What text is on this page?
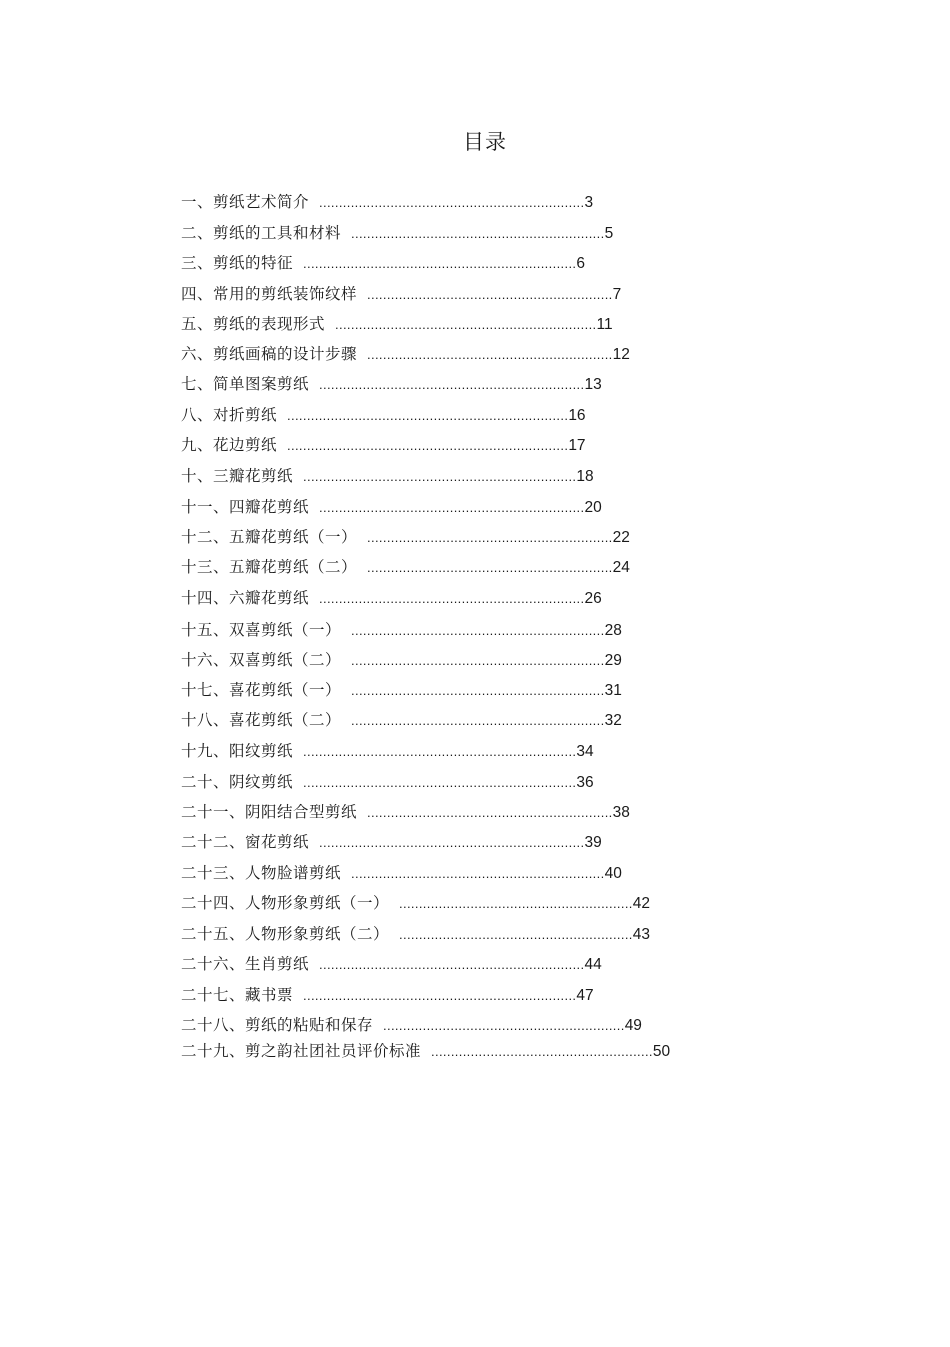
目录
一、剪纸艺术简介 ...................................................................3
二、剪纸的工具和材料 ................................................................5
三、剪纸的特征 .....................................................................6
四、常用的剪纸装饰纹样 ..............................................................7
五、剪纸的表现形式 ..................................................................11
六、剪纸画稿的设计步骤 ..............................................................12
七、简单图案剪纸 ...................................................................13
八、对折剪纸 .......................................................................16
九、花边剪纸 .......................................................................17
十、三瓣花剪纸 .....................................................................18
十一、四瓣花剪纸 ...................................................................20
十二、五瓣花剪纸（一） ..............................................................22
十三、五瓣花剪纸（二） ..............................................................24
十四、六瓣花剪纸 ...................................................................26
十五、双喜剪纸（一） ................................................................28
十六、双喜剪纸（二） ................................................................29
十七、喜花剪纸（一） ................................................................31
十八、喜花剪纸（二） ................................................................32
十九、阳纹剪纸 .....................................................................34
二十、阴纹剪纸 .....................................................................36
二十一、阴阳结合型剪纸 ..............................................................38
二十二、窗花剪纸 ...................................................................39
二十三、人物脸谱剪纸 ................................................................40
二十四、人物形象剪纸（一） ...........................................................42
二十五、人物形象剪纸（二） ...........................................................43
二十六、生肖剪纸 ...................................................................44
二十七、藏书票 .....................................................................47
二十八、剪纸的粘贴和保存 .............................................................49
二十九、剪之韵社团社员评价标准 ........................................................50
